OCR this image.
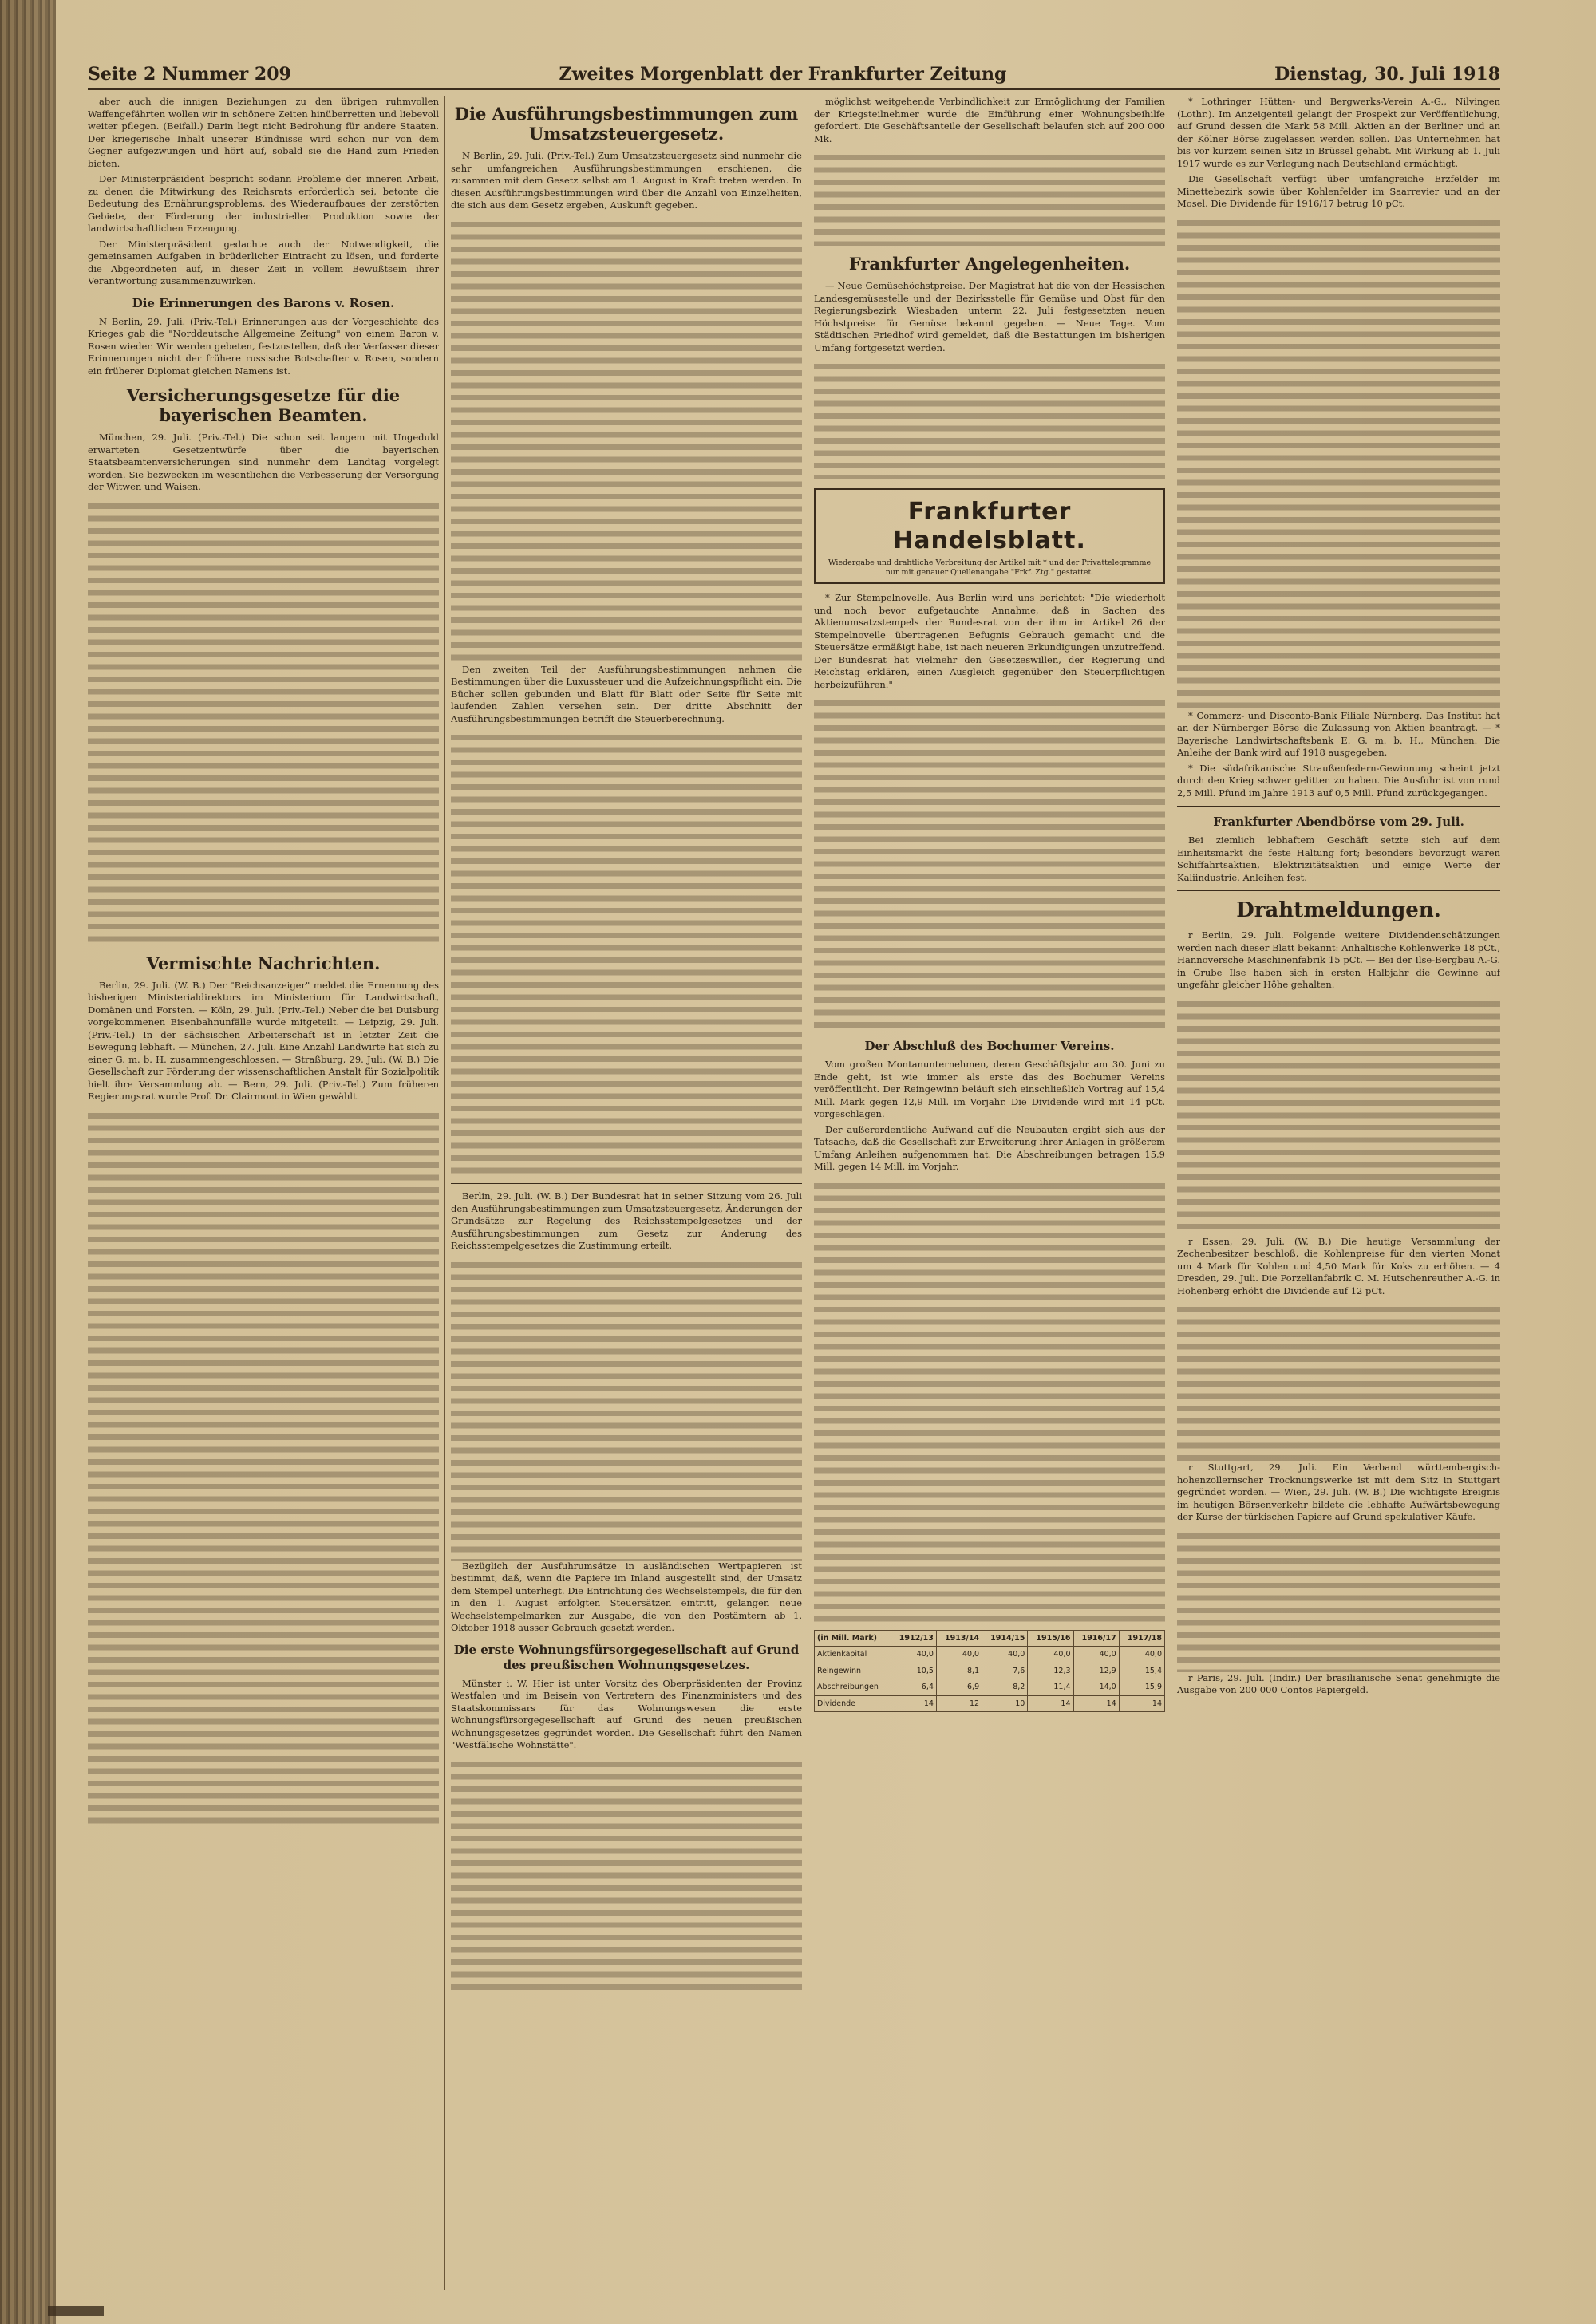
Seite 2 Nummer 209	Zweites Morgenblatt der Frankfurter Zeitung	Dienstag, 30. Juli 1918

aber auch die innigen Beziehungen zu den übrigen ruhmvollen Waffengefährten wollen wir in schönere Zeiten hinüberretten und liebevoll weiter pflegen. (Beifall.) Darin liegt nicht Bedrohung für andere Staaten. Der kriegerische Inhalt unserer Bündnisse wird schon nur von dem Gegner aufgezwungen und hört auf, sobald sie die Hand zum Frieden bieten.

Der Ministerpräsident bespricht sodann Probleme der inneren Arbeit, zu denen die Mitwirkung des Reichsrats erforderlich sei, betonte die Bedeutung des Ernährungsproblems, des Wiederaufbaues der zerstörten Gebiete, der Förderung der industriellen Produktion sowie der landwirtschaftlichen Erzeugung.

Der Ministerpräsident gedachte auch der Notwendigkeit, die gemeinsamen Aufgaben in brüderlicher Eintracht zu lösen, und forderte die Abgeordneten auf, in dieser Zeit in vollem Bewußtsein ihrer Verantwortung zusammenzuwirken.

Die Erinnerungen des Barons v. Rosen.

N Berlin, 29. Juli. (Priv.-Tel.) Erinnerungen aus der Vorgeschichte des Krieges gab die "Norddeutsche Allgemeine Zeitung" von einem Baron v. Rosen wieder. Wir werden gebeten, festzustellen, daß der Verfasser dieser Erinnerungen nicht der frühere russische Botschafter v. Rosen, sondern ein früherer Diplomat gleichen Namens ist.

Versicherungsgesetze für die bayerischen Beamten.

München, 29. Juli. (Priv.-Tel.) Die schon seit langem mit Ungeduld erwarteten Gesetzentwürfe über die bayerischen Staatsbeamtenversicherungen sind nunmehr dem Landtag vorgelegt worden. Sie bezwecken im wesentlichen die Verbesserung der Versorgung der Witwen und Waisen.

Vermischte Nachrichten.

Berlin, 29. Juli. (W. B.) Der "Reichsanzeiger" meldet die Ernennung des bisherigen Ministerialdirektors im Ministerium für Landwirtschaft, Domänen und Forsten. — Köln, 29. Juli. (Priv.-Tel.) Neber die bei Duisburg vorgekommenen Eisenbahnunfälle wurde mitgeteilt. — Leipzig, 29. Juli. (Priv.-Tel.) In der sächsischen Arbeiterschaft ist in letzter Zeit die Bewegung lebhaft. — München, 27. Juli. Eine Anzahl Landwirte hat sich zu einer G. m. b. H. zusammengeschlossen. — Straßburg, 29. Juli. (W. B.) Die Gesellschaft zur Förderung der wissenschaftlichen Anstalt für Sozialpolitik hielt ihre Versammlung ab. — Bern, 29. Juli. (Priv.-Tel.) Zum früheren Regierungsrat wurde Prof. Dr. Clairmont in Wien gewählt.

Die Ausführungsbestimmungen zum Umsatzsteuergesetz.

N Berlin, 29. Juli. (Priv.-Tel.) Zum Umsatzsteuergesetz sind nunmehr die sehr umfangreichen Ausführungsbestimmungen erschienen, die zusammen mit dem Gesetz selbst am 1. August in Kraft treten werden. In diesen Ausführungsbestimmungen wird über die Anzahl von Einzelheiten, die sich aus dem Gesetz ergeben, Auskunft gegeben.

Den zweiten Teil der Ausführungsbestimmungen nehmen die Bestimmungen über die Luxussteuer und die Aufzeichnungspflicht ein. Die Bücher sollen gebunden und Blatt für Blatt oder Seite für Seite mit laufenden Zahlen versehen sein. Der dritte Abschnitt der Ausführungsbestimmungen betrifft die Steuerberechnung.

Berlin, 29. Juli. (W. B.) Der Bundesrat hat in seiner Sitzung vom 26. Juli den Ausführungsbestimmungen zum Umsatzsteuergesetz, Änderungen der Grundsätze zur Regelung des Reichsstempelgesetzes und der Ausführungsbestimmungen zum Gesetz zur Änderung des Reichsstempelgesetzes die Zustimmung erteilt.

Bezüglich der Ausfuhrumsätze in ausländischen Wertpapieren ist bestimmt, daß, wenn die Papiere im Inland ausgestellt sind, der Umsatz dem Stempel unterliegt. Die Entrichtung des Wechselstempels, die für den in den 1. August erfolgten Steuersätzen eintritt, gelangen neue Wechselstempelmarken zur Ausgabe, die von den Postämtern ab 1. Oktober 1918 ausser Gebrauch gesetzt werden.

Die erste Wohnungsfürsorgegesellschaft auf Grund des preußischen Wohnungsgesetzes.

Münster i. W. Hier ist unter Vorsitz des Oberpräsidenten der Provinz Westfalen und im Beisein von Vertretern des Finanzministers und des Staatskommissars für das Wohnungswesen die erste Wohnungsfürsorgegesellschaft auf Grund des neuen preußischen Wohnungsgesetzes gegründet worden. Die Gesellschaft führt den Namen "Westfälische Wohnstätte".

möglichst weitgehende Verbindlichkeit zur Ermöglichung der Familien der Kriegsteilnehmer wurde die Einführung einer Wohnungsbeihilfe gefordert. Die Geschäftsanteile der Gesellschaft belaufen sich auf 200 000 Mk.

Frankfurter Angelegenheiten.

— Neue Gemüsehöchstpreise. Der Magistrat hat die von der Hessischen Landesgemüsestelle und der Bezirksstelle für Gemüse und Obst für den Regierungsbezirk Wiesbaden unterm 22. Juli festgesetzten neuen Höchstpreise für Gemüse bekannt gegeben. — Neue Tage. Vom Städtischen Friedhof wird gemeldet, daß die Bestattungen im bisherigen Umfang fortgesetzt werden.

Frankfurter Handelsblatt.
Wiedergabe und drahtliche Verbreitung der Artikel mit * und der Privattelegramme nur mit genauer Quellenangabe "Frkf. Ztg." gestattet.

* Zur Stempelnovelle. Aus Berlin wird uns berichtet: "Die wiederholt und noch bevor aufgetauchte Annahme, daß in Sachen des Aktienumsatzstempels der Bundesrat von der ihm im Artikel 26 der Stempelnovelle übertragenen Befugnis Gebrauch gemacht und die Steuersätze ermäßigt habe, ist nach neueren Erkundigungen unzutreffend. Der Bundesrat hat vielmehr den Gesetzeswillen, der Regierung und Reichstag erklären, einen Ausgleich gegenüber den Steuerpflichtigen herbeizuführen."

Der Abschluß des Bochumer Vereins.

Vom großen Montanunternehmen, deren Geschäftsjahr am 30. Juni zu Ende geht, ist wie immer als erste das des Bochumer Vereins veröffentlicht. Der Reingewinn beläuft sich einschließlich Vortrag auf 15,4 Mill. Mark gegen 12,9 Mill. im Vorjahr. Die Dividende wird mit 14 pCt. vorgeschlagen.

Der außerordentliche Aufwand auf die Neubauten ergibt sich aus der Tatsache, daß die Gesellschaft zur Erweiterung ihrer Anlagen in größerem Umfang Anleihen aufgenommen hat. Die Abschreibungen betragen 15,9 Mill. gegen 14 Mill. im Vorjahr.

(in Mill. Mark)	1912/13	1913/14	1914/15	1915/16	1916/17	1917/18
Aktienkapital	40,0	40,0	40,0	40,0	40,0	40,0
Reingewinn	10,5	8,1	7,6	12,3	12,9	15,4
Abschreibungen	6,4	6,9	8,2	11,4	14,0	15,9
Dividende	14	12	10	14	14	14

* Lothringer Hütten- und Bergwerks-Verein A.-G., Nilvingen (Lothr.). Im Anzeigenteil gelangt der Prospekt zur Veröffentlichung, auf Grund dessen die Mark 58 Mill. Aktien an der Berliner und an der Kölner Börse zugelassen werden sollen. Das Unternehmen hat bis vor kurzem seinen Sitz in Brüssel gehabt. Mit Wirkung ab 1. Juli 1917 wurde es zur Verlegung nach Deutschland ermächtigt.

Die Gesellschaft verfügt über umfangreiche Erzfelder im Minettebezirk sowie über Kohlenfelder im Saarrevier und an der Mosel. Die Dividende für 1916/17 betrug 10 pCt.

* Commerz- und Disconto-Bank Filiale Nürnberg. Das Institut hat an der Nürnberger Börse die Zulassung von Aktien beantragt. — * Bayerische Landwirtschaftsbank E. G. m. b. H., München. Die Anleihe der Bank wird auf 1918 ausgegeben.

* Die südafrikanische Straußenfedern-Gewinnung scheint jetzt durch den Krieg schwer gelitten zu haben. Die Ausfuhr ist von rund 2,5 Mill. Pfund im Jahre 1913 auf 0,5 Mill. Pfund zurückgegangen.

Frankfurter Abendbörse vom 29. Juli.

Bei ziemlich lebhaftem Geschäft setzte sich auf dem Einheitsmarkt die feste Haltung fort; besonders bevorzugt waren Schiffahrtsaktien, Elektrizitätsaktien und einige Werte der Kaliindustrie. Anleihen fest.

Drahtmeldungen.

r Berlin, 29. Juli. Folgende weitere Dividendenschätzungen werden nach dieser Blatt bekannt: Anhaltische Kohlenwerke 18 pCt., Hannoversche Maschinenfabrik 15 pCt. — Bei der Ilse-Bergbau A.-G. in Grube Ilse haben sich in ersten Halbjahr die Gewinne auf ungefähr gleicher Höhe gehalten.

r Essen, 29. Juli. (W. B.) Die heutige Versammlung der Zechenbesitzer beschloß, die Kohlenpreise für den vierten Monat um 4 Mark für Kohlen und 4,50 Mark für Koks zu erhöhen. — 4 Dresden, 29. Juli. Die Porzellanfabrik C. M. Hutschenreuther A.-G. in Hohenberg erhöht die Dividende auf 12 pCt.

r Stuttgart, 29. Juli. Ein Verband württembergisch-hohenzollernscher Trocknungswerke ist mit dem Sitz in Stuttgart gegründet worden. — Wien, 29. Juli. (W. B.) Die wichtigste Ereignis im heutigen Börsenverkehr bildete die lebhafte Aufwärtsbewegung der Kurse der türkischen Papiere auf Grund spekulativer Käufe.

r Paris, 29. Juli. (Indir.) Der brasilianische Senat genehmigte die Ausgabe von 200 000 Contos Papiergeld.
